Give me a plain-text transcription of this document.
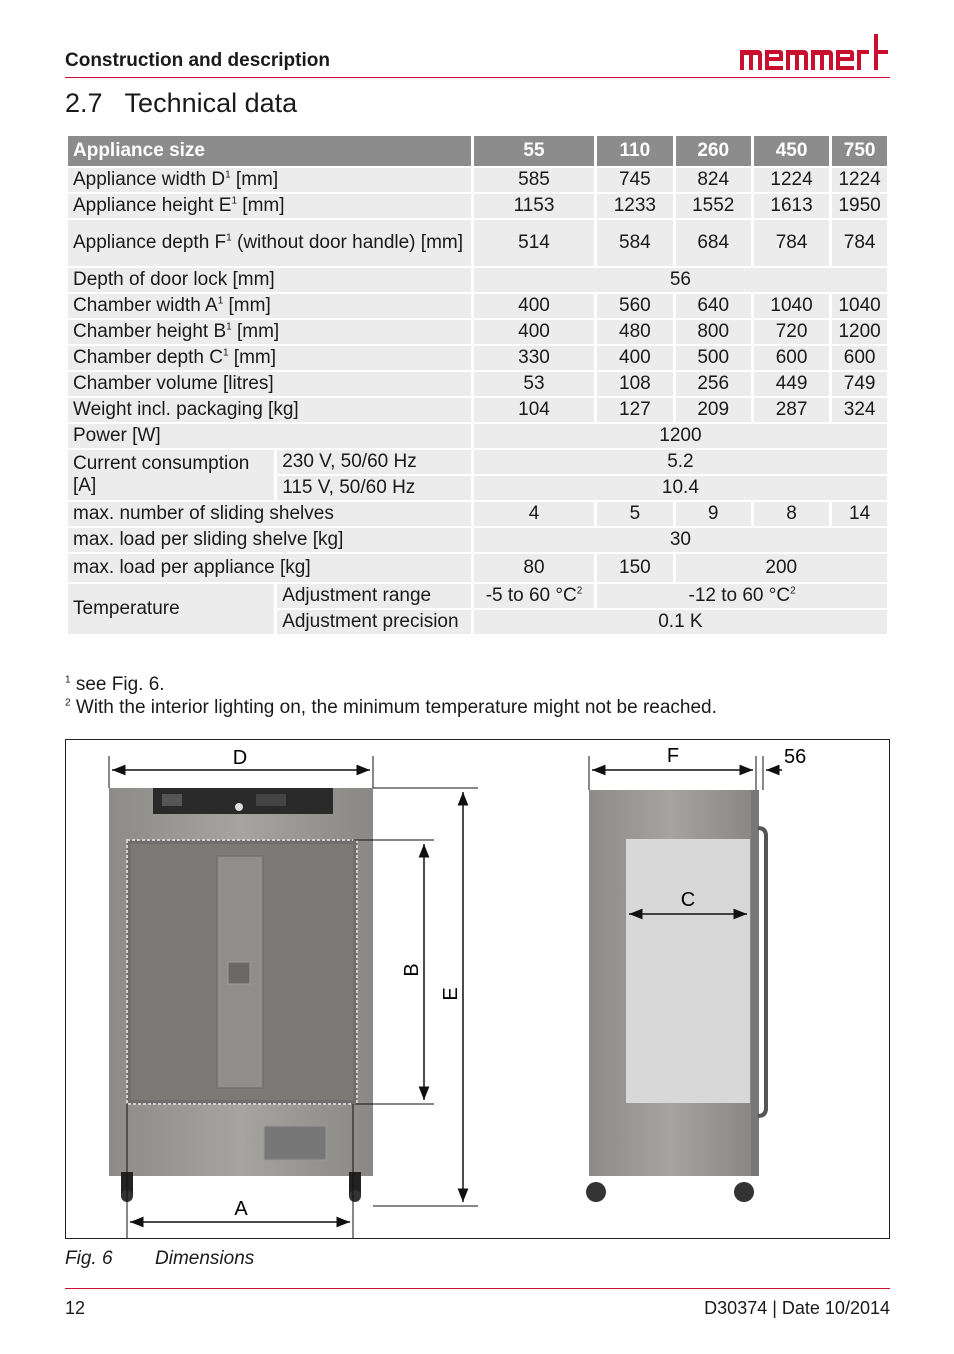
Construction and description
2.7 Technical data
Appliance size		55	110	260	450	750
Appliance width $D^1$ [mm]		585	745	824	1224	1224
Appliance height $E^1$ [mm]		1153	1233	1552	1613	1950
Appliance depth $F^1$ (without door handle) [mm]		514	584	684	784	784
Depth of door lock [mm]		56				
Chamber width $A^1$ [mm]		400	560	640	1040	1040
Chamber height $B^1$ [mm]		400	480	800	720	1200
Chamber depth $C^1$ [mm]		330	400	500	600	600
Chamber volume [litres]		53	108	256	449	749
Weight incl. packaging [kg]		104	127	209	287	324
Power [W]		1200				
Current consumption [A]	230 V, 50/60 Hz	5.2				
	115 V, 50/60 Hz	10.4				
max. number of sliding shelves		4	5	9	8	14
max. load per sliding shelve [kg]		30				
max. load per appliance [kg]		80	150	200		
Temperature	Adjustment range	-5 to 60 $^\circ C^2$	-12 to 60 $^\circ C^2$
	Adjustment precision	0.1 K				
$^1$ see Fig. 6.
$^2$ With the interior lighting on, the minimum temperature might not be reached.
D
E
B
A
F	56
C
Fig. 6 Dimensions
12	D30374 | Date 10/2014
